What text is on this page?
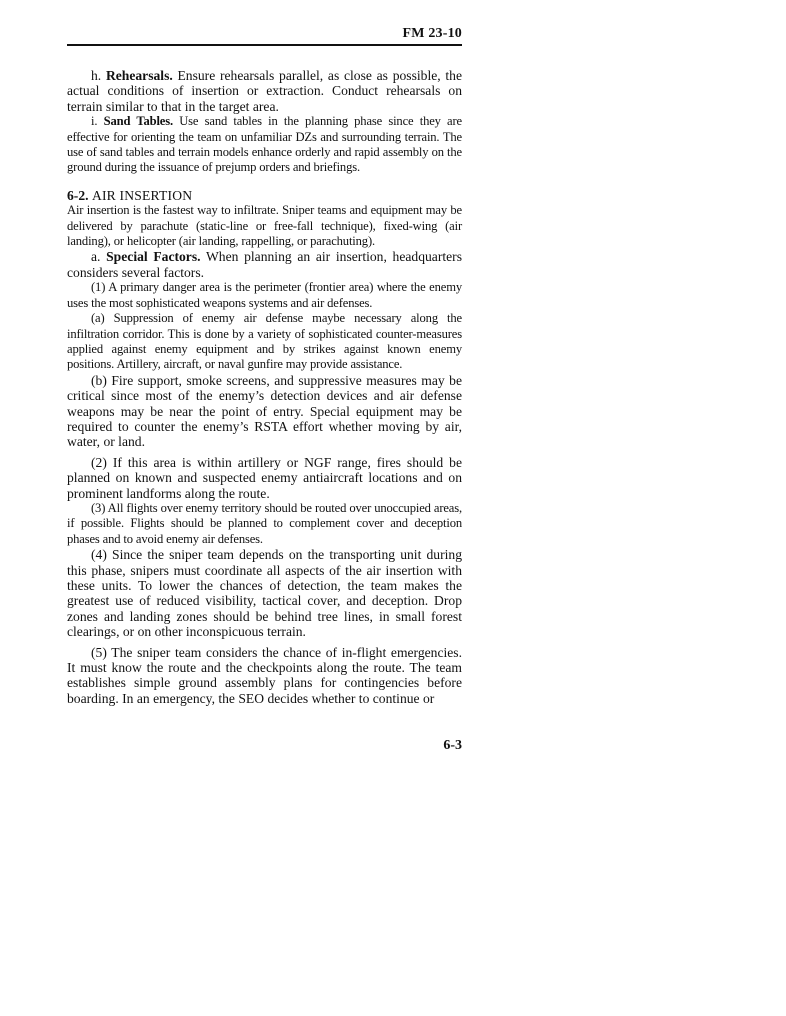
FM 23-10

h. Rehearsals. Ensure rehearsals parallel, as close as possible, the actual conditions of insertion or extraction. Conduct rehearsals on terrain similar to that in the target area.

i. Sand Tables. Use sand tables in the planning phase since they are effective for orienting the team on unfamiliar DZs and surrounding terrain. The use of sand tables and terrain models enhance orderly and rapid assembly on the ground during the issuance of prejump orders and briefings.

6-2. AIR INSERTION

Air insertion is the fastest way to infiltrate. Sniper teams and equipment may be delivered by parachute (static-line or free-fall technique), fixed-wing (air landing), or helicopter (air landing, rappelling, or parachuting).

a. Special Factors. When planning an air insertion, headquarters considers several factors.

(1) A primary danger area is the perimeter (frontier area) where the enemy uses the most sophisticated weapons systems and air defenses.

(a) Suppression of enemy air defense maybe necessary along the infiltration corridor. This is done by a variety of sophisticated counter-measures applied against enemy equipment and by strikes against known enemy positions. Artillery, aircraft, or naval gunfire may provide assistance.

(b) Fire support, smoke screens, and suppressive measures may be critical since most of the enemy’s detection devices and air defense weapons may be near the point of entry. Special equipment may be required to counter the enemy’s RSTA effort whether moving by air, water, or land.

(2) If this area is within artillery or NGF range, fires should be planned on known and suspected enemy antiaircraft locations and on prominent landforms along the route.

(3) All flights over enemy territory should be routed over unoccupied areas, if possible. Flights should be planned to complement cover and deception phases and to avoid enemy air defenses.

(4) Since the sniper team depends on the transporting unit during this phase, snipers must coordinate all aspects of the air insertion with these units. To lower the chances of detection, the team makes the greatest use of reduced visibility, tactical cover, and deception. Drop zones and landing zones should be behind tree lines, in small forest clearings, or on other inconspicuous terrain.

(5) The sniper team considers the chance of in-flight emergencies. It must know the route and the checkpoints along the route. The team establishes simple ground assembly plans for contingencies before boarding. In an emergency, the SEO decides whether to continue or

6-3
